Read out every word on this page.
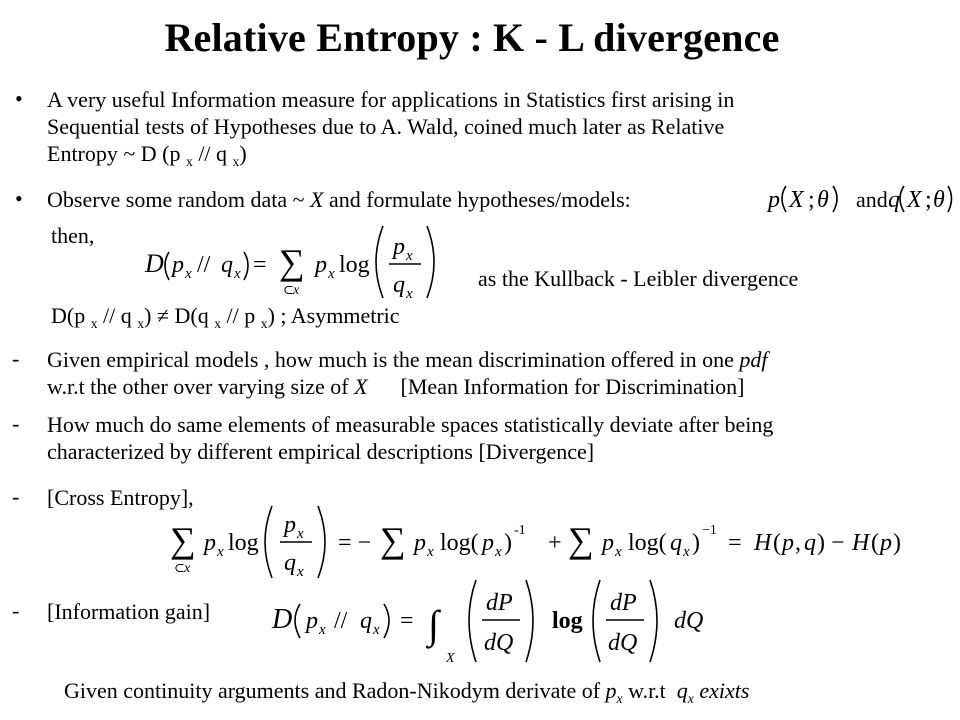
Relative Entropy : K - L divergence
• A very useful Information measure for applications in Statistics first arising in
Sequential tests of Hypotheses due to A. Wald, coined much later as Relative
Entropy ~ D (p $_x$ // q $_x$)
• Observe some random data ~ X and formulate hypotheses/models:	p X ; θ and q X ; θ
then,
D p x // q x = ∑
⊂ x
p x log
p x
q x
as the Kullback - Leibler divergence
D(p $_x$ // q $_x$) ≠ D(q $_x$ // p $_x$) ; Asymmetric
- Given empirical models , how much is the mean discrimination offered in one pdf
w.r.t the other over varying size of X      [Mean Information for Discrimination]
- How much do same elements of measurable spaces statistically deviate after being
characterized by different empirical descriptions [Divergence]
- [Cross Entropy],
∑
⊂ x
p x log
p x
q x
= − ∑ p x log( p x ) -1 + ∑ p x log( q x ) −1 = H ( p , q ) − H ( p )
- [Information gain] D p x // q x = ∫
X
dP
dQ
log
dP
dQ
dQ
Given continuity arguments and Radon-Nikodym derivate of $p_x$ w.r.t  $q_x$ exixts
